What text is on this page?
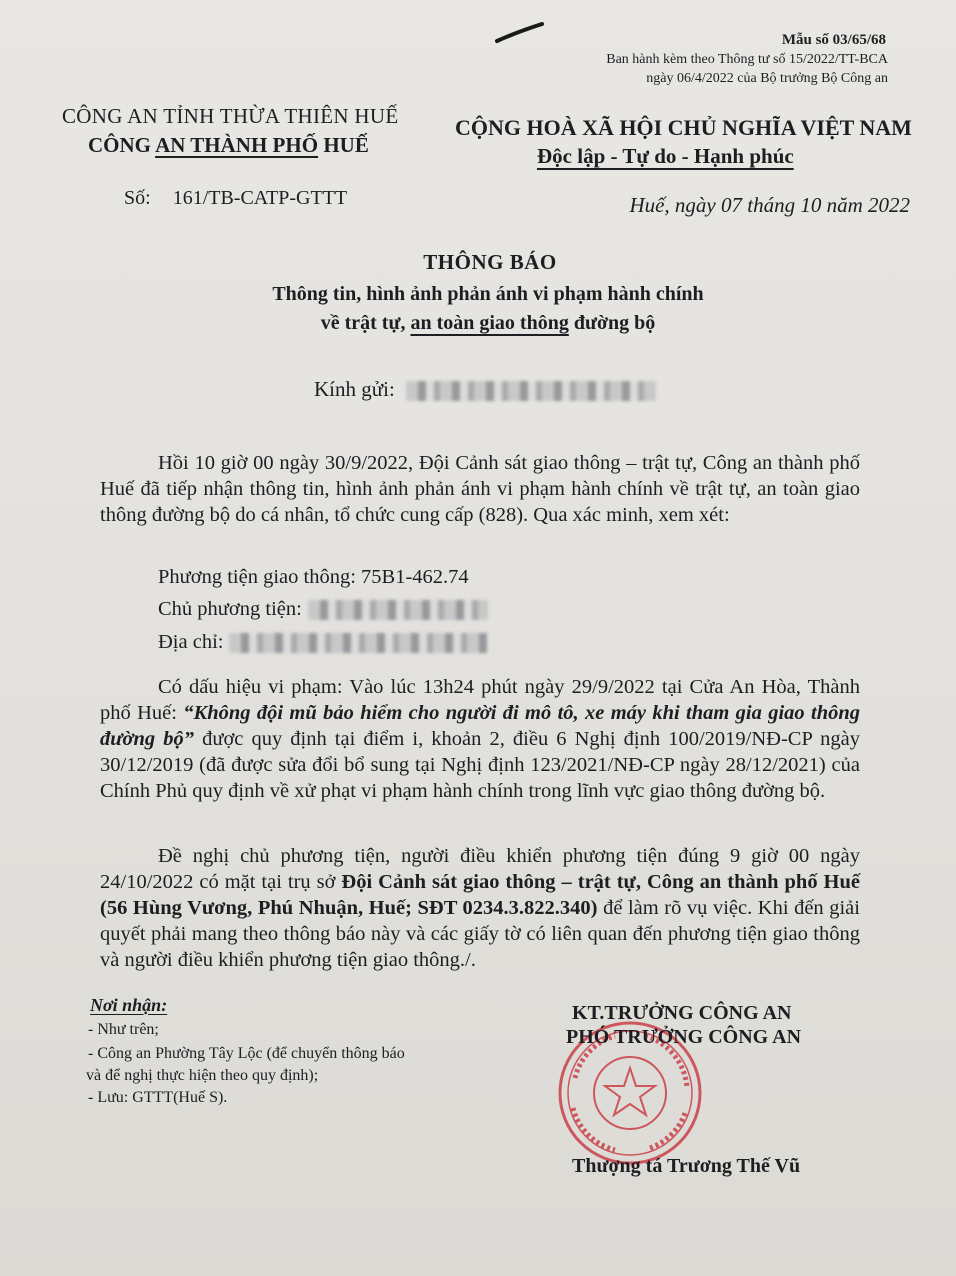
Mẫu số 03/65/68
Ban hành kèm theo Thông tư số 15/2022/TT-BCA
ngày 06/4/2022 của Bộ trưởng Bộ Công an
CÔNG AN TỈNH THỪA THIÊN HUẾ
CÔNG AN THÀNH PHỐ HUẾ
CỘNG HOÀ XÃ HỘI CHỦ NGHĨA VIỆT NAM
Độc lập - Tự do - Hạnh phúc
Số: 161/TB-CATP-GTTT	Huế, ngày 07 tháng 10 năm 2022
THÔNG BÁO
Thông tin, hình ảnh phản ánh vi phạm hành chính
về trật tự, an toàn giao thông đường bộ
Kính gửi:
Hồi 10 giờ 00 ngày 30/9/2022, Đội Cảnh sát giao thông – trật tự, Công an thành phố Huế đã tiếp nhận thông tin, hình ảnh phản ánh vi phạm hành chính về trật tự, an toàn giao thông đường bộ do cá nhân, tổ chức cung cấp (828). Qua xác minh, xem xét:
Phương tiện giao thông: 75B1-462.74
Chủ phương tiện:
Địa chỉ:
Có dấu hiệu vi phạm: Vào lúc 13h24 phút ngày 29/9/2022 tại Cửa An Hòa, Thành phố Huế: “Không đội mũ bảo hiểm cho người đi mô tô, xe máy khi tham gia giao thông đường bộ” được quy định tại điểm i, khoản 2, điều 6 Nghị định 100/2019/NĐ-CP ngày 30/12/2019 (đã được sửa đổi bổ sung tại Nghị định 123/2021/NĐ-CP ngày 28/12/2021) của Chính Phủ quy định về xử phạt vi phạm hành chính trong lĩnh vực giao thông đường bộ.
Đề nghị chủ phương tiện, người điều khiển phương tiện đúng 9 giờ 00 ngày 24/10/2022 có mặt tại trụ sở Đội Cảnh sát giao thông – trật tự, Công an thành phố Huế (56 Hùng Vương, Phú Nhuận, Huế; SĐT 0234.3.822.340) để làm rõ vụ việc. Khi đến giải quyết phải mang theo thông báo này và các giấy tờ có liên quan đến phương tiện giao thông và người điều khiển phương tiện giao thông./.
Nơi nhận:
- Như trên;
- Công an Phường Tây Lộc (để chuyển thông báo
và để nghị thực hiện theo quy định);
- Lưu: GTTT(Huế S).
KT.TRƯỞNG CÔNG AN
PHÓ TRƯỞNG CÔNG AN
Thượng tá Trương Thế Vũ
